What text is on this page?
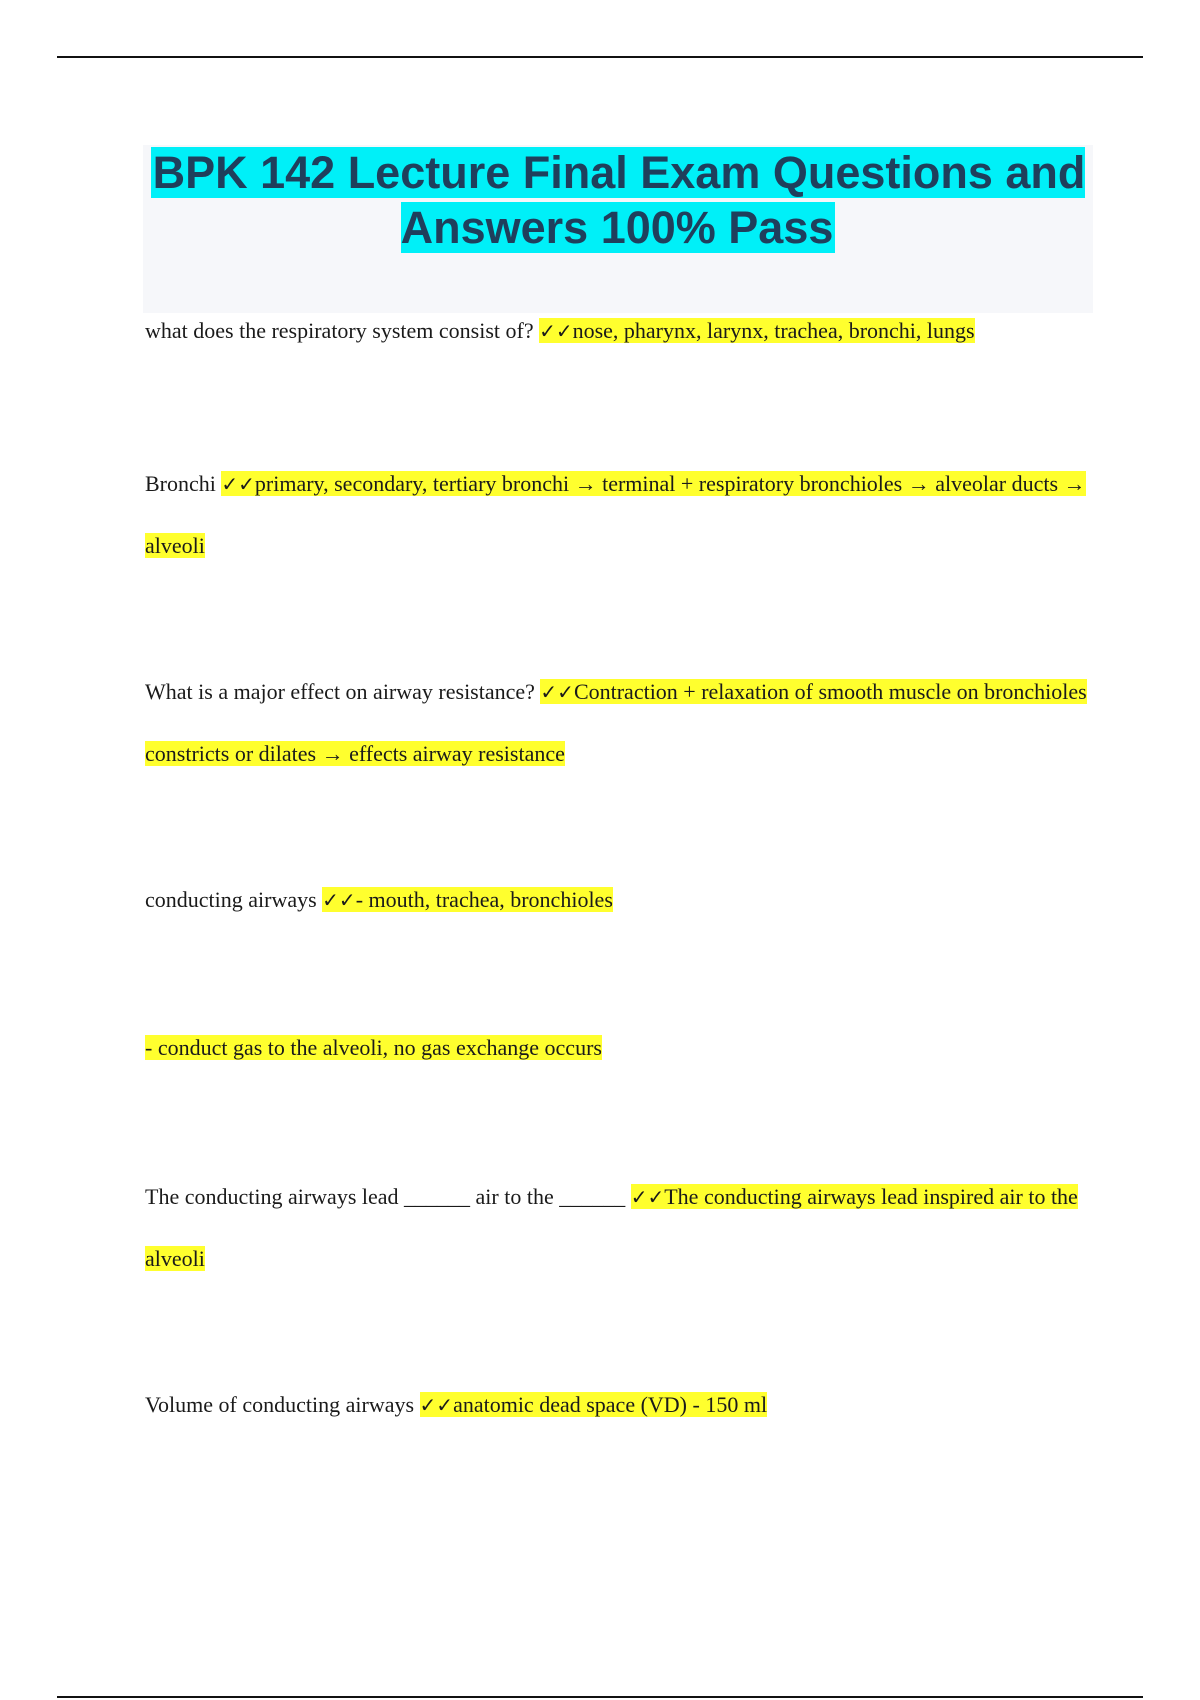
BPK 142 Lecture Final Exam Questions and Answers 100% Pass

what does the respiratory system consist of? ✓✓nose, pharynx, larynx, trachea, bronchi, lungs

Bronchi ✓✓primary, secondary, tertiary bronchi → terminal + respiratory bronchioles → alveolar ducts → alveoli

What is a major effect on airway resistance? ✓✓Contraction + relaxation of smooth muscle on bronchioles constricts or dilates → effects airway resistance

conducting airways ✓✓- mouth, trachea, bronchioles

- conduct gas to the alveoli, no gas exchange occurs

The conducting airways lead ______ air to the ______ ✓✓The conducting airways lead inspired air to the alveoli

Volume of conducting airways ✓✓anatomic dead space (VD) - 150 ml
